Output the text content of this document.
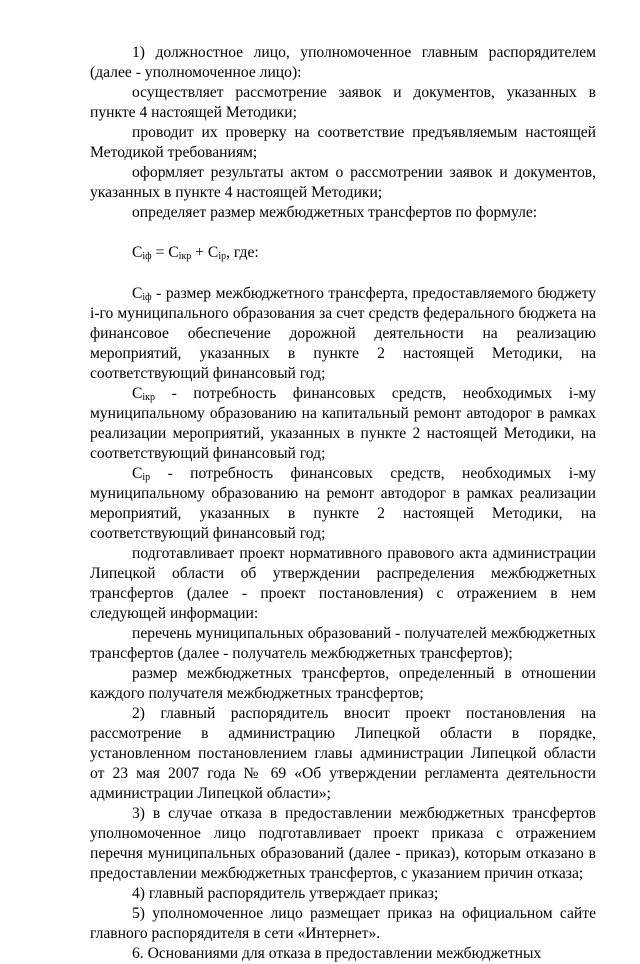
1) должностное лицо, уполномоченное главным распорядителем (далее - уполномоченное лицо):

осуществляет рассмотрение заявок и документов, указанных в пункте 4 настоящей Методики;

проводит их проверку на соответствие предъявляемым настоящей Методикой требованиям;

оформляет результаты актом о рассмотрении заявок и документов, указанных в пункте 4 настоящей Методики;

определяет размер межбюджетных трансфертов по формуле:

$C_{iф} = C_{iкр} + C_{iр}$, где:

$C_{iф}$ - размер межбюджетного трансферта, предоставляемого бюджету i-го муниципального образования за счет средств федерального бюджета на финансовое обеспечение дорожной деятельности на реализацию мероприятий, указанных в пункте 2 настоящей Методики, на соответствующий финансовый год;

$C_{iкр}$ - потребность финансовых средств, необходимых i-му муниципальному образованию на капитальный ремонт автодорог в рамках реализации мероприятий, указанных в пункте 2 настоящей Методики, на соответствующий финансовый год;

$C_{iр}$ - потребность финансовых средств, необходимых i-му муниципальному образованию на ремонт автодорог в рамках реализации мероприятий, указанных в пункте 2 настоящей Методики, на соответствующий финансовый год;

подготавливает проект нормативного правового акта администрации Липецкой области об утверждении распределения межбюджетных трансфертов (далее - проект постановления) с отражением в нем следующей информации:

перечень муниципальных образований - получателей межбюджетных трансфертов (далее - получатель межбюджетных трансфертов);

размер межбюджетных трансфертов, определенный в отношении каждого получателя межбюджетных трансфертов;

2) главный распорядитель вносит проект постановления на рассмотрение в администрацию Липецкой области в порядке, установленном постановлением главы администрации Липецкой области от 23 мая 2007 года № 69 «Об утверждении регламента деятельности администрации Липецкой области»;

3) в случае отказа в предоставлении межбюджетных трансфертов уполномоченное лицо подготавливает проект приказа с отражением перечня муниципальных образований (далее - приказ), которым отказано в предоставлении межбюджетных трансфертов, с указанием причин отказа;

4) главный распорядитель утверждает приказ;

5) уполномоченное лицо размещает приказ на официальном сайте главного распорядителя в сети «Интернет».

6. Основаниями для отказа в предоставлении межбюджетных
